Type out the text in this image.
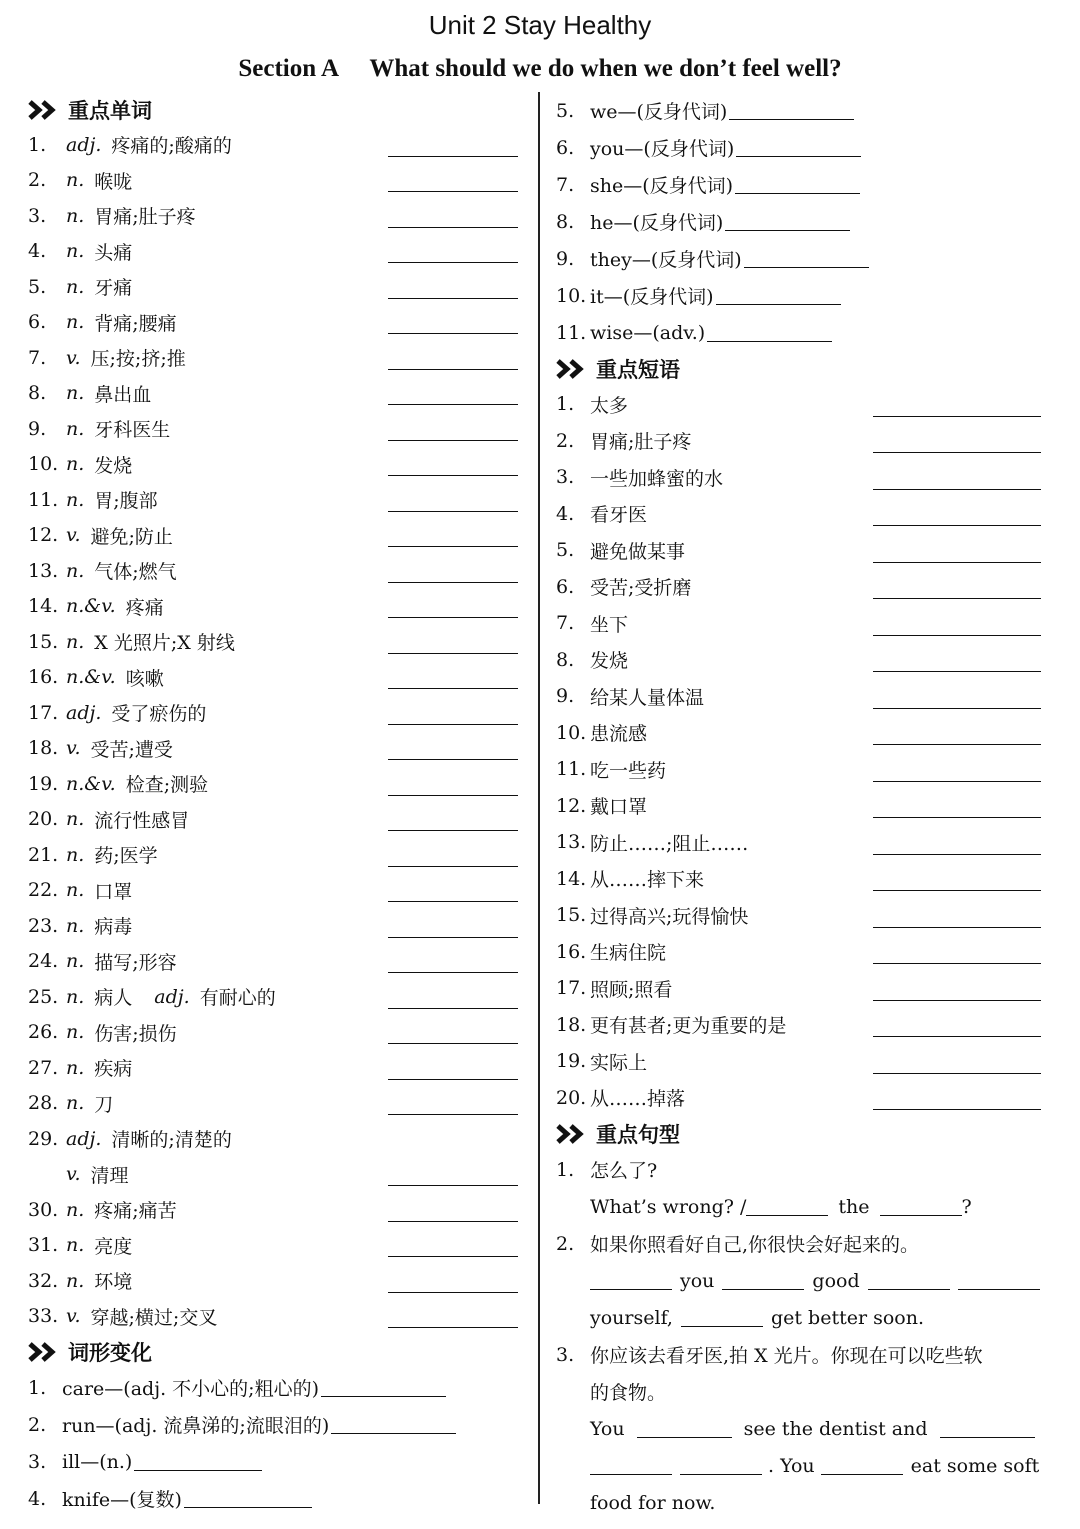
Unit 2 Stay Healthy
Section A What should we do when we don’t feel well?
重点单词
1.	adj. 疼痛的;酸痛的
2.	n. 喉咙
3.	n. 胃痛;肚子疼
4.	n. 头痛
5.	n. 牙痛
6.	n. 背痛;腰痛
7.	v. 压;按;挤;推
8.	n. 鼻出血
9.	n. 牙科医生
10. n. 发烧
11. n. 胃;腹部
12. v. 避免;防止
13. n. 气体;燃气
14. n.&v. 疼痛
15. n. X 光照片;X 射线
16. n.&v. 咳嗽
17. adj. 受了瘀伤的
18. v. 受苦;遭受
19. n.&v. 检查;测验
20. n. 流行性感冒
21. n. 药;医学
22. n. 口罩
23. n. 病毒
24. n. 描写;形容
25. n. 病人 adj. 有耐心的
26. n. 伤害;损伤
27. n. 疾病
28. n. 刀
29. adj. 清晰的;清楚的
v. 清理
30. n. 疼痛;痛苦
31. n. 亮度
32. n. 环境
33. v. 穿越;横过;交叉
词形变化
1. care—(adj. 不小心的;粗心的)
2. run—(adj. 流鼻涕的;流眼泪的)
3. ill—(n.)
4. knife—(复数)
5. we—(反身代词)
6. you—(反身代词)
7. she—(反身代词)
8. he—(反身代词)
9. they—(反身代词)
10. it—(反身代词)
11. wise—(adv.)
重点短语
1. 太多
2. 胃痛;肚子疼
3. 一些加蜂蜜的水
4. 看牙医
5. 避免做某事
6. 受苦;受折磨
7. 坐下
8. 发烧
9. 给某人量体温
10. 患流感
11. 吃一些药
12. 戴口罩
13. 防止……;阻止……
14. 从……摔下来
15. 过得高兴;玩得愉快
16. 生病住院
17. 照顾;照看
18. 更有甚者;更为重要的是
19. 实际上
20. 从……掉落
重点句型
1. 怎么了?
What’s wrong? /	the	?
2. 如果你照看好自己,你很快会好起来的。
you	good
yourself,	get better soon.
3. 你应该去看牙医,拍 X 光片。你现在可以吃些软
的食物。
You	see the dentist and
. You	eat some soft
food for now.
